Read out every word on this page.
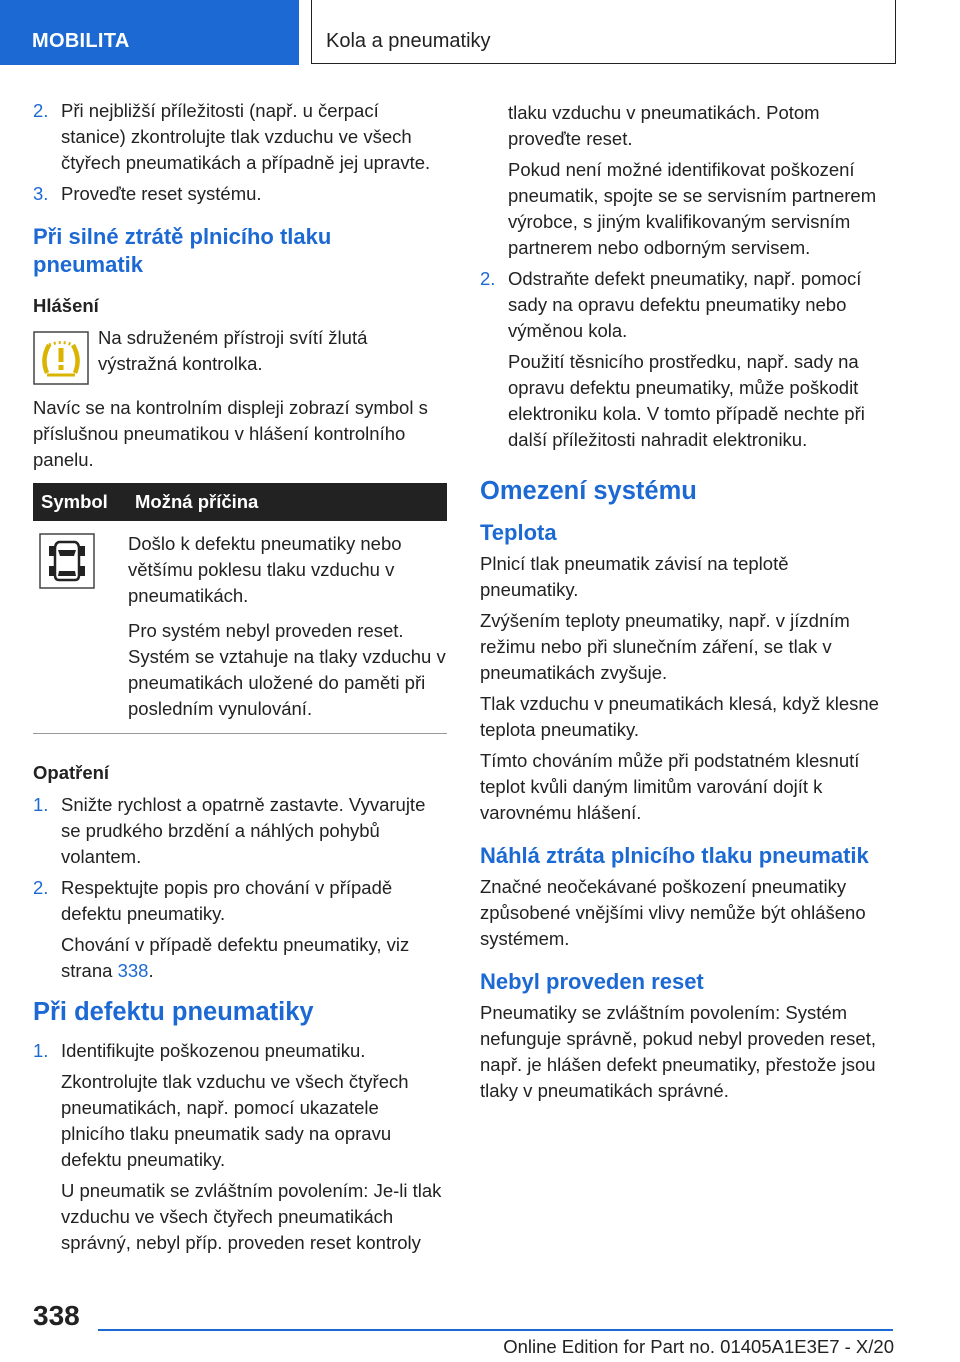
MOBILITA	Kola a pneumatiky
2. Při nejbližší příležitosti (např. u čerpací stanice) zkontrolujte tlak vzduchu ve všech čtyřech pneumatikách a případně jej upravte.
3. Proveďte reset systému.
Při silné ztrátě plnicího tlaku pneumatik
Hlášení
Na sdruženém přístroji svítí žlutá výstražná kontrolka.

Navíc se na kontrolním displeji zobrazí symbol s příslušnou pneumatikou v hlášení kontrolního panelu.

Symbol	Možná příčina

Došlo k defektu pneumatiky nebo většímu poklesu tlaku vzduchu v pneumatikách.

Pro systém nebyl proveden reset. Systém se vztahuje na tlaky vzduchu v pneumatikách uložené do paměti při posledním vynulování.

Opatření
1. Snižte rychlost a opatrně zastavte. Vyvarujte se prudkého brzdění a náhlých pohybů volantem.
2. Respektujte popis pro chování v případě defektu pneumatiky.

Chování v případě defektu pneumatiky, viz strana 338.

Při defektu pneumatiky
1. Identifikujte poškozenou pneumatiku.

Zkontrolujte tlak vzduchu ve všech čtyřech pneumatikách, např. pomocí ukazatele plnicího tlaku pneumatik sady na opravu defektu pneumatiky.

U pneumatik se zvláštním povolením: Je-li tlak vzduchu ve všech čtyřech pneumatikách správný, nebyl příp. proveden reset kontroly

tlaku vzduchu v pneumatikách. Potom proveďte reset.

Pokud není možné identifikovat poškození pneumatik, spojte se se servisním partnerem výrobce, s jiným kvalifikovaným servisním partnerem nebo odborným servisem.

2. Odstraňte defekt pneumatiky, např. pomocí sady na opravu defektu pneumatiky nebo výměnou kola.

Použití těsnicího prostředku, např. sady na opravu defektu pneumatiky, může poškodit elektroniku kola. V tomto případě nechte při další příležitosti nahradit elektroniku.

Omezení systému
Teplota

Plnicí tlak pneumatik závisí na teplotě pneumatiky.

Zvýšením teploty pneumatiky, např. v jízdním režimu nebo při slunečním záření, se tlak v pneumatikách zvyšuje.

Tlak vzduchu v pneumatikách klesá, když klesne teplota pneumatiky.

Tímto chováním může při podstatném klesnutí teplot kvůli daným limitům varování dojít k varovnému hlášení.

Náhlá ztráta plnicího tlaku pneumatik

Značné neočekávané poškození pneumatiky způsobené vnějšími vlivy nemůže být ohlášeno systémem.

Nebyl proveden reset

Pneumatiky se zvláštním povolením: Systém nefunguje správně, pokud nebyl proveden reset, např. je hlášen defekt pneumatiky, přestože jsou tlaky v pneumatikách správné.

338
Online Edition for Part no. 01405A1E3E7 - X/20
